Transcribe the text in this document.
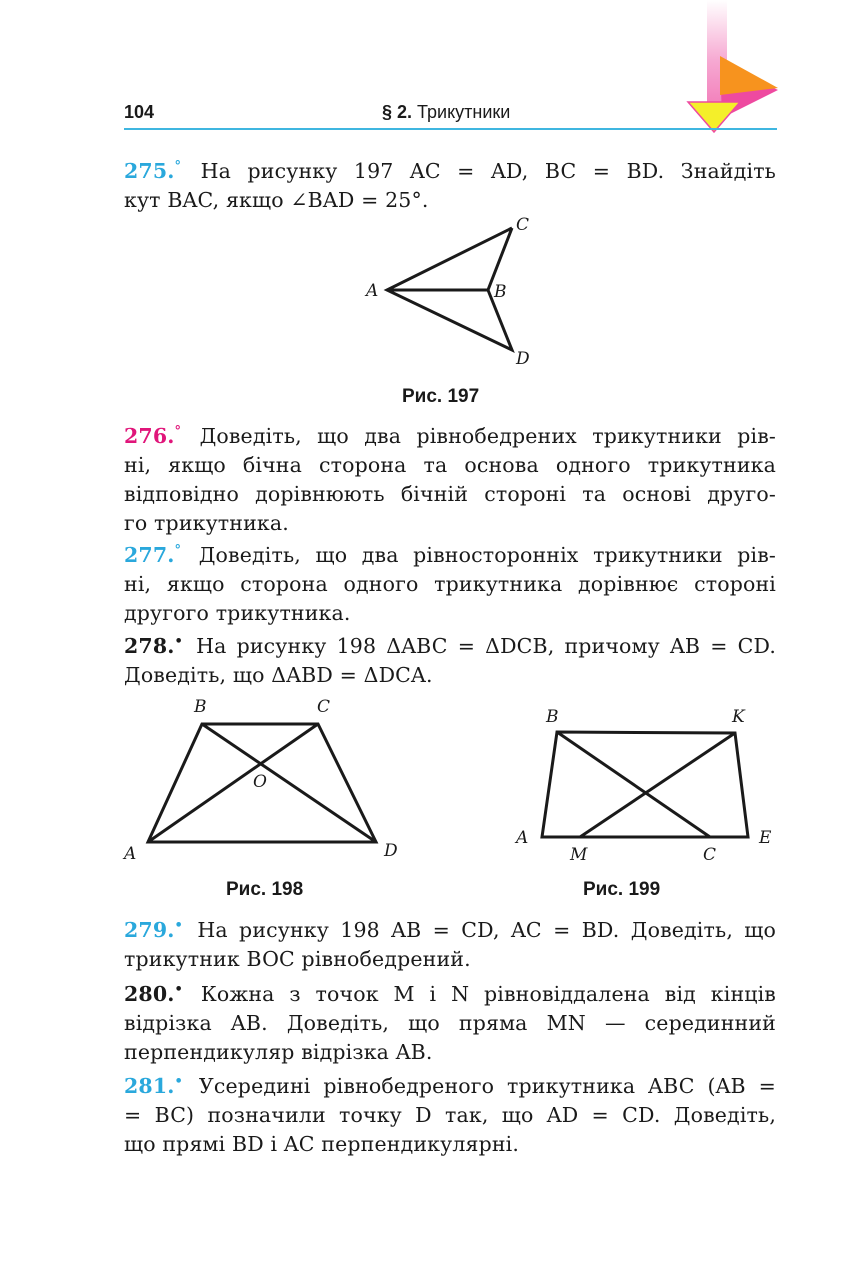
104	§ 2. Трикутники
275.° На рисунку 197 AC = AD, BC = BD. Знайдіть
кут BAC, якщо ∠BAD = 25°.
A	B
C
D
Рис. 197
276.° Доведіть, що два рівнобедрених трикутники рів-
ні, якщо бічна сторона та основа одного трикутника
відповідно дорівнюють бічній стороні та основі друго-
го трикутника.
277.° Доведіть, що два рівносторонніх трикутники рів-
ні, якщо сторона одного трикутника дорівнює стороні
другого трикутника.
278.• На рисунку 198 ΔABC = ΔDCB, причому AB = CD.
Доведіть, що ΔABD = ΔDCA.
B	C
O
A	D
Рис. 198
B	K
A	E
M	C
Рис. 199
279.• На рисунку 198 AB = CD, AC = BD. Доведіть, що
трикутник BOC рівнобедрений.
280.• Кожна з точок M і N рівновіддалена від кінців
відрізка AB. Доведіть, що пряма MN — серединний
перпендикуляр відрізка AB.
281.• Усередині рівнобедреного трикутника ABC (AB =
= BC) позначили точку D так, що AD = CD. Доведіть,
що прямі BD і AC перпендикулярні.
